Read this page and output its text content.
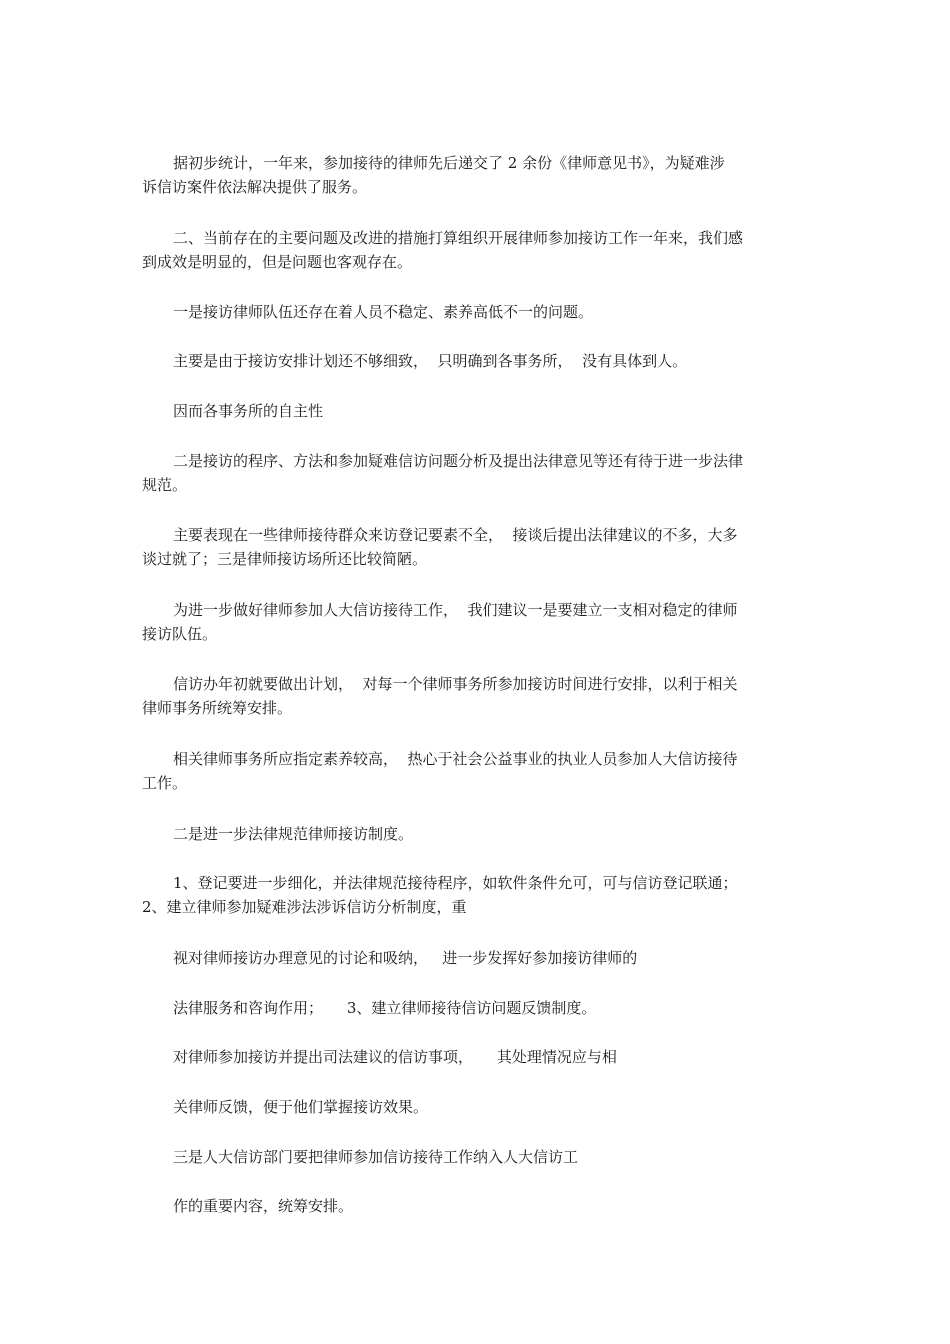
据初步统计，一年来，参加接待的律师先后递交了 2 余份《律师意见书》，为疑难涉
诉信访案件依法解决提供了服务。
二、当前存在的主要问题及改进的措施打算组织开展律师参加接访工作一年来，我们感
到成效是明显的，但是问题也客观存在。
一是接访律师队伍还存在着人员不稳定、素养高低不一的问题。
主要是由于接访安排计划还不够细致，  只明确到各事务所，  没有具体到人。
因而各事务所的自主性
二是接访的程序、方法和参加疑难信访问题分析及提出法律意见等还有待于进一步法律
规范。
主要表现在一些律师接待群众来访登记要素不全，  接谈后提出法律建议的不多，大多
谈过就了；三是律师接访场所还比较简陋。
为进一步做好律师参加人大信访接待工作，  我们建议一是要建立一支相对稳定的律师
接访队伍。
信访办年初就要做出计划，  对每一个律师事务所参加接访时间进行安排，以利于相关
律师事务所统筹安排。
相关律师事务所应指定素养较高，  热心于社会公益事业的执业人员参加人大信访接待
工作。
二是进一步法律规范律师接访制度。
1、登记要进一步细化，并法律规范接待程序，如软件条件允可，可与信访登记联通；
2、建立律师参加疑难涉法涉诉信访分析制度，重
视对律师接访办理意见的讨论和吸纳，   进一步发挥好参加接访律师的
法律服务和咨询作用；     3、建立律师接待信访问题反馈制度。
对律师参加接访并提出司法建议的信访事项，     其处理情况应与相
关律师反馈，便于他们掌握接访效果。
三是人大信访部门要把律师参加信访接待工作纳入人大信访工
作的重要内容，统筹安排。
